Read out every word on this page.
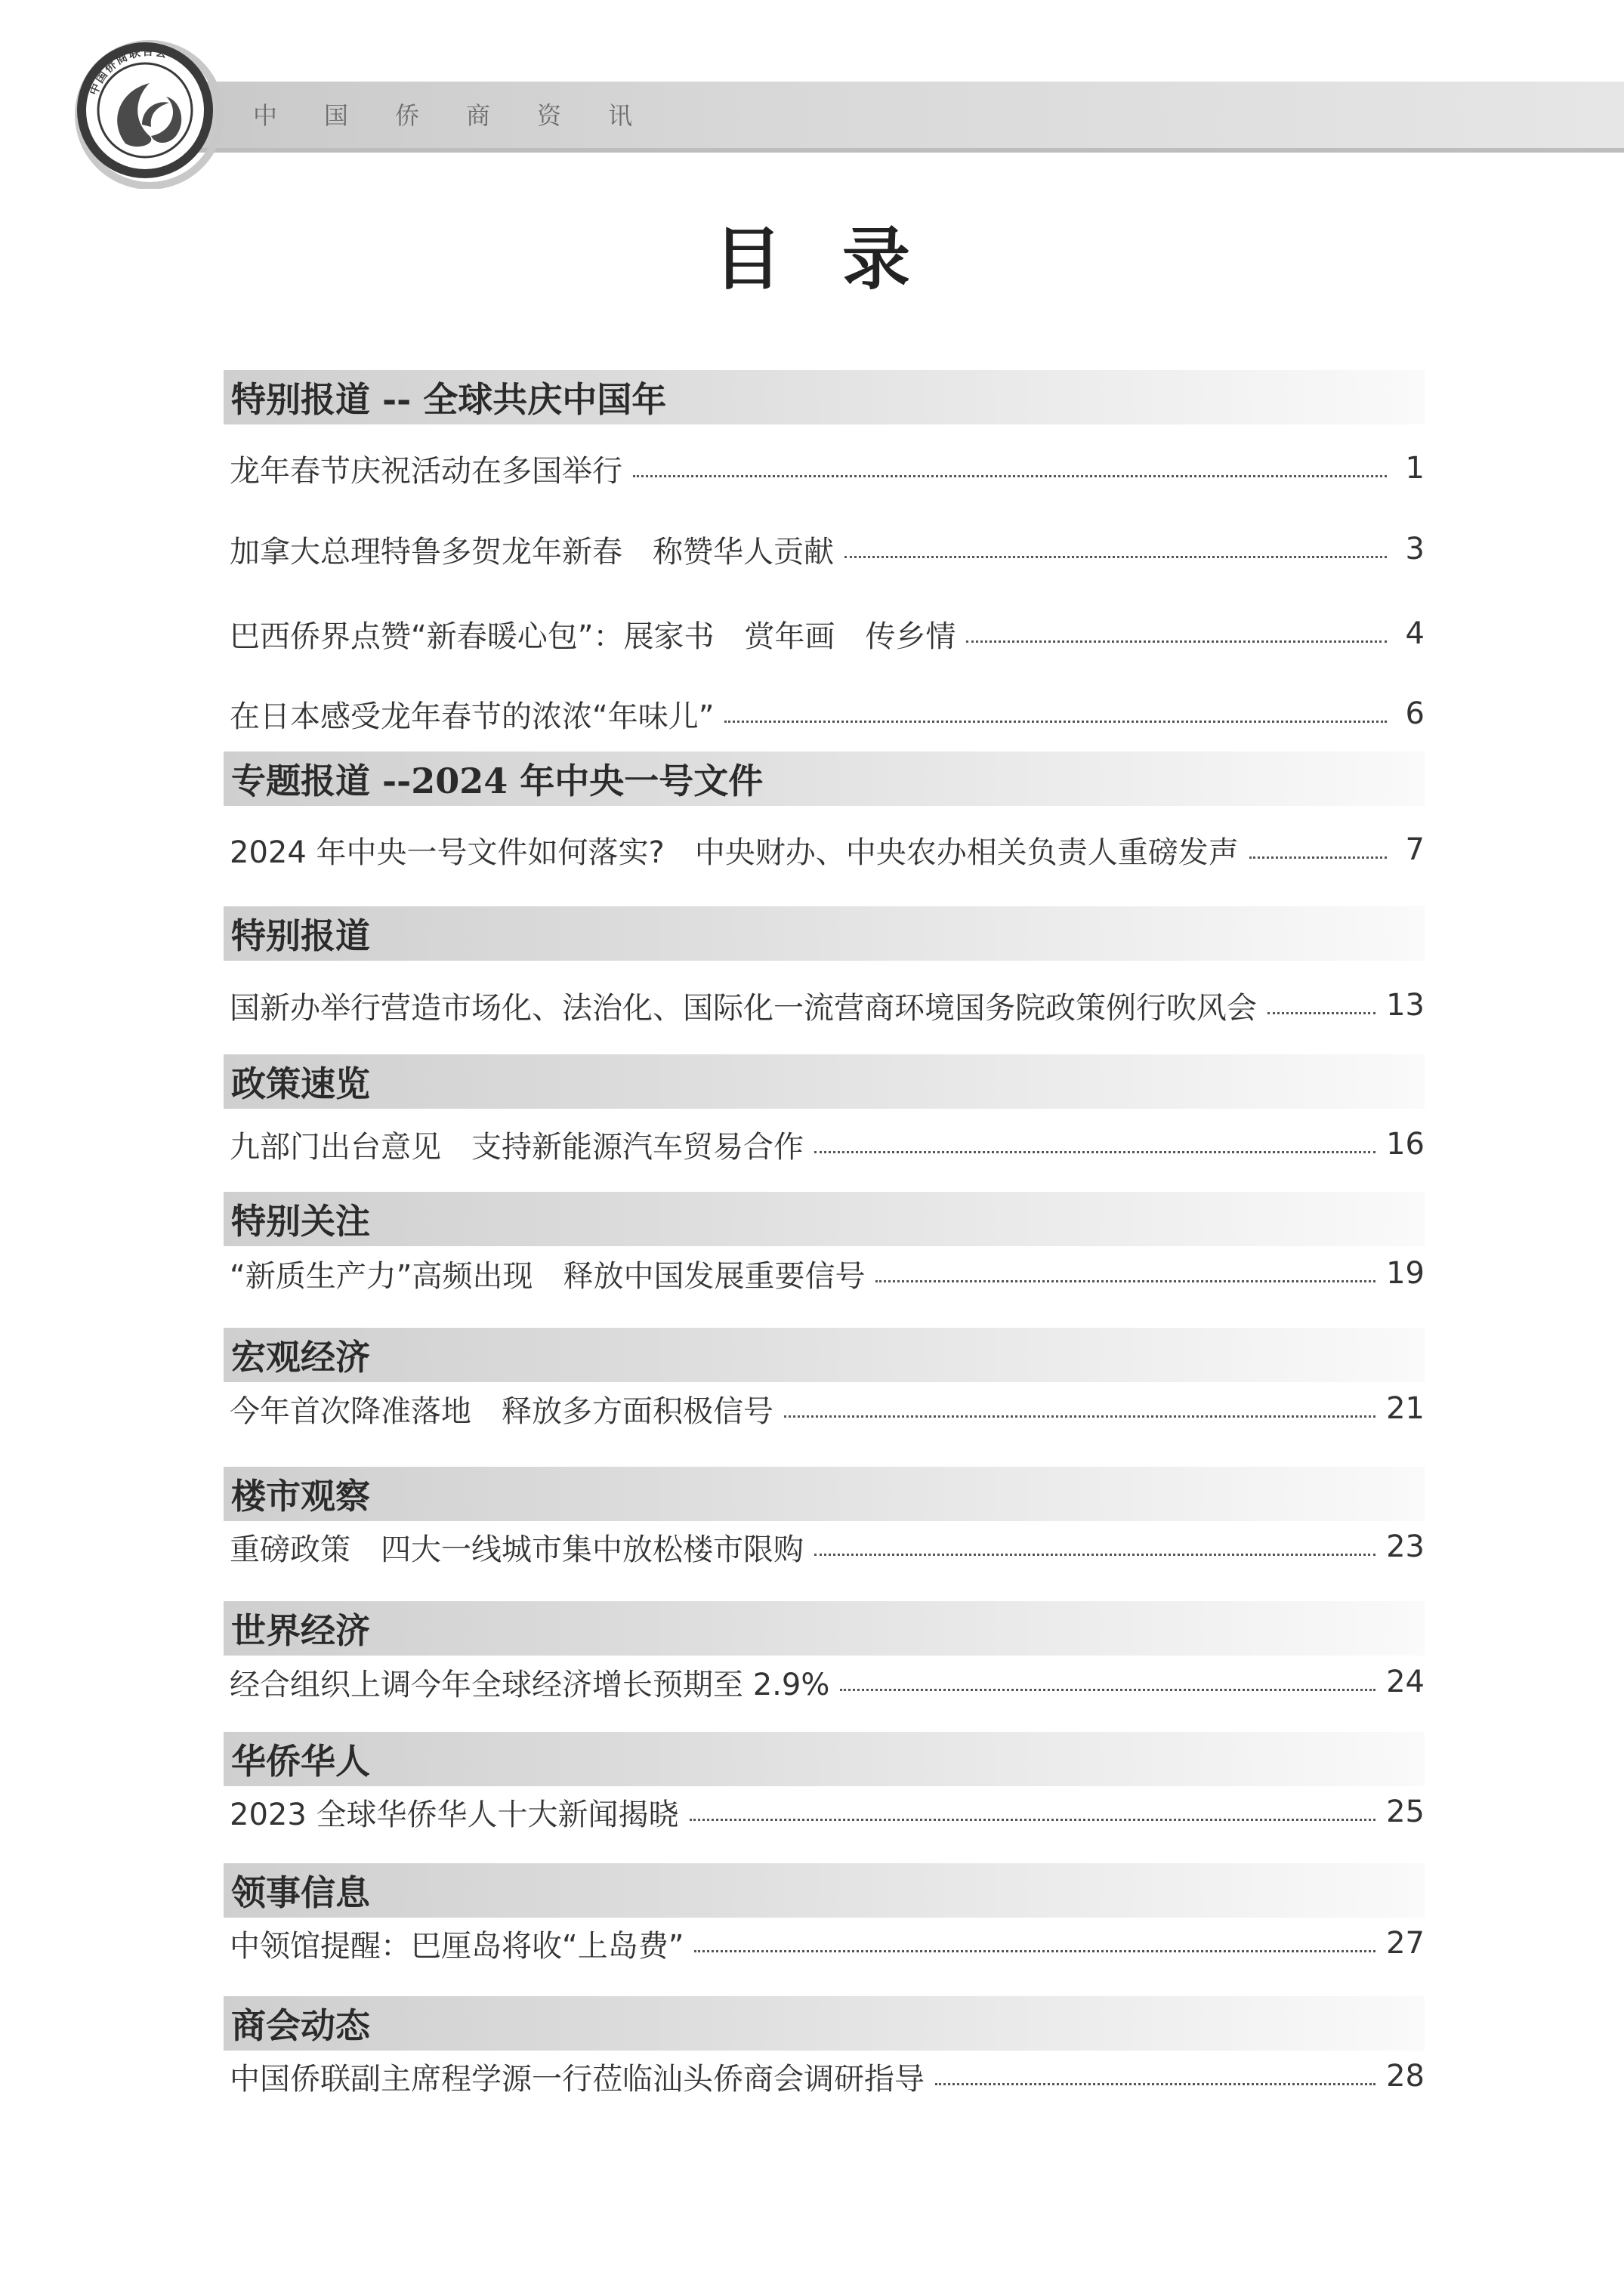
中国侨商资讯
中国侨商联合会
目录
特别报道 -- 全球共庆中国年
龙年春节庆祝活动在多国举行	1
加拿大总理特鲁多贺龙年新春　称赞华人贡献	3
巴西侨界点赞“新春暖心包”：展家书　赏年画　传乡情	4
在日本感受龙年春节的浓浓“年味儿”	6
专题报道 --2024 年中央一号文件
2024 年中央一号文件如何落实?　中央财办、中央农办相关负责人重磅发声	7
特别报道
国新办举行营造市场化、法治化、国际化一流营商环境国务院政策例行吹风会	13
政策速览
九部门出台意见　支持新能源汽车贸易合作	16
特别关注
“新质生产力”高频出现　释放中国发展重要信号	19
宏观经济
今年首次降准落地　释放多方面积极信号	21
楼市观察
重磅政策　四大一线城市集中放松楼市限购	23
世界经济
经合组织上调今年全球经济增长预期至 2.9%	24
华侨华人
2023 全球华侨华人十大新闻揭晓	25
领事信息
中领馆提醒：巴厘岛将收“上岛费”	27
商会动态
中国侨联副主席程学源一行莅临汕头侨商会调研指导	28
